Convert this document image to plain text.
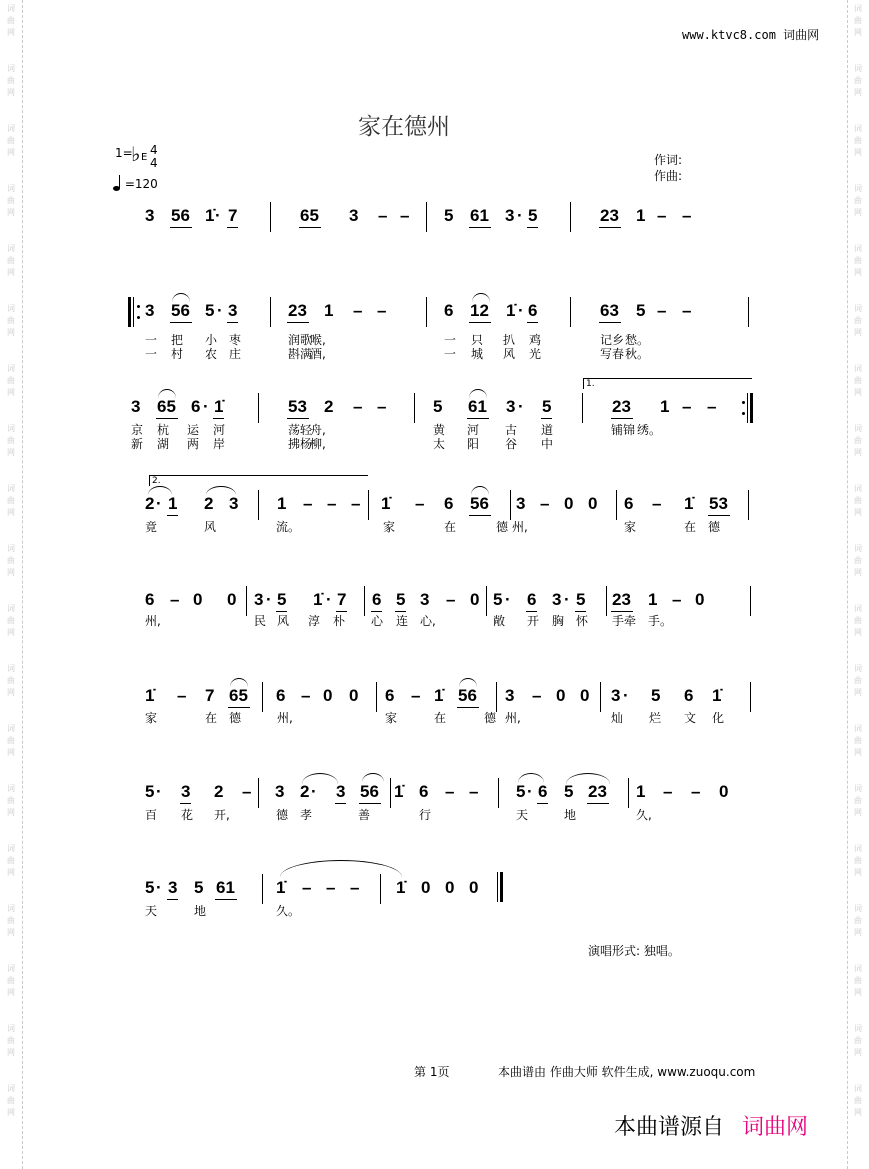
词
曲
网
词
曲
网
词
曲
网
词
曲
网
词
曲
网
词
曲
网
词
曲
网
词
曲
网
词
曲
网
词
曲
网
词
曲
网
词
曲
网
词
曲
网
词
曲
网
词
曲
网
词
曲
网
词
曲
网
词
曲
网
词
曲
网
词
曲
网
词
曲
网
词
曲
网
词
曲
网
词
曲
网
词
曲
网
词
曲
网
词
曲
网
词
曲
网
词
曲
网
词
曲
网
词
曲
网
词
曲
网
词
曲
网
词
曲
网
词
曲
网
词
曲
网
词
曲
网
词
曲
网
www.ktvc8.com 词曲网
家在德州
1=
♭ E
4
4
=120
作词:
作曲:
3 56 1̇ · 7	65 3 – – 5 61 3 · 5	23 1 – –
3 56 5 · 3	23 1 – –	6 12 1̇ · 6	63 5 – –
一 把 小 枣	润歌
喉,	一 只 扒 鸡	记乡 愁。
一 村 农 庄	斟满
酒,	一 城 风 光	写春 秋。
3 65 6 · 1̇	53 2 – –	5 61 3 · 5	23 1 – –
1.
京 杭 运 河	荡轻
舟,	黄 河 古 道	铺锦 绣。
新 湖 两 岸	拂杨
柳,	太 阳 谷 中
2 · 1 2 3 1 – – – 1̇ – 6 56 3 – 0 0 6 – 1̇ 53
2.
竟	风	流。	家	在	德 州,	家	在 德
6 – 0 0 3 · 5 1̇ · 7 6 5 3 – 0 5 · 6 3 · 5 23 1 – 0
州,	民 风 淳 朴 心 连 心,	敞 开 胸 怀 手牵 手。
1̇ – 7 65 6 – 0 0 6 – 1̇ 56 3 – 0 0 3 · 5 6 1̇
家	在 德	州,	家	在	德 州,	灿 烂 文 化
5 · 3 2 – 3 2 · 3 56 1̇ 6 – – 5 · 6 5 23 1 – – 0
百 花 开,	德 孝	善	行	天	地	久,
5 · 3 5 61 1̇ – – – 1̇ 0 0 0
天	地	久。
演唱形式: 独唱。
第 1页	本曲谱由 作曲大师 软件生成, www.zuoqu.com
本曲谱源自 词曲网
